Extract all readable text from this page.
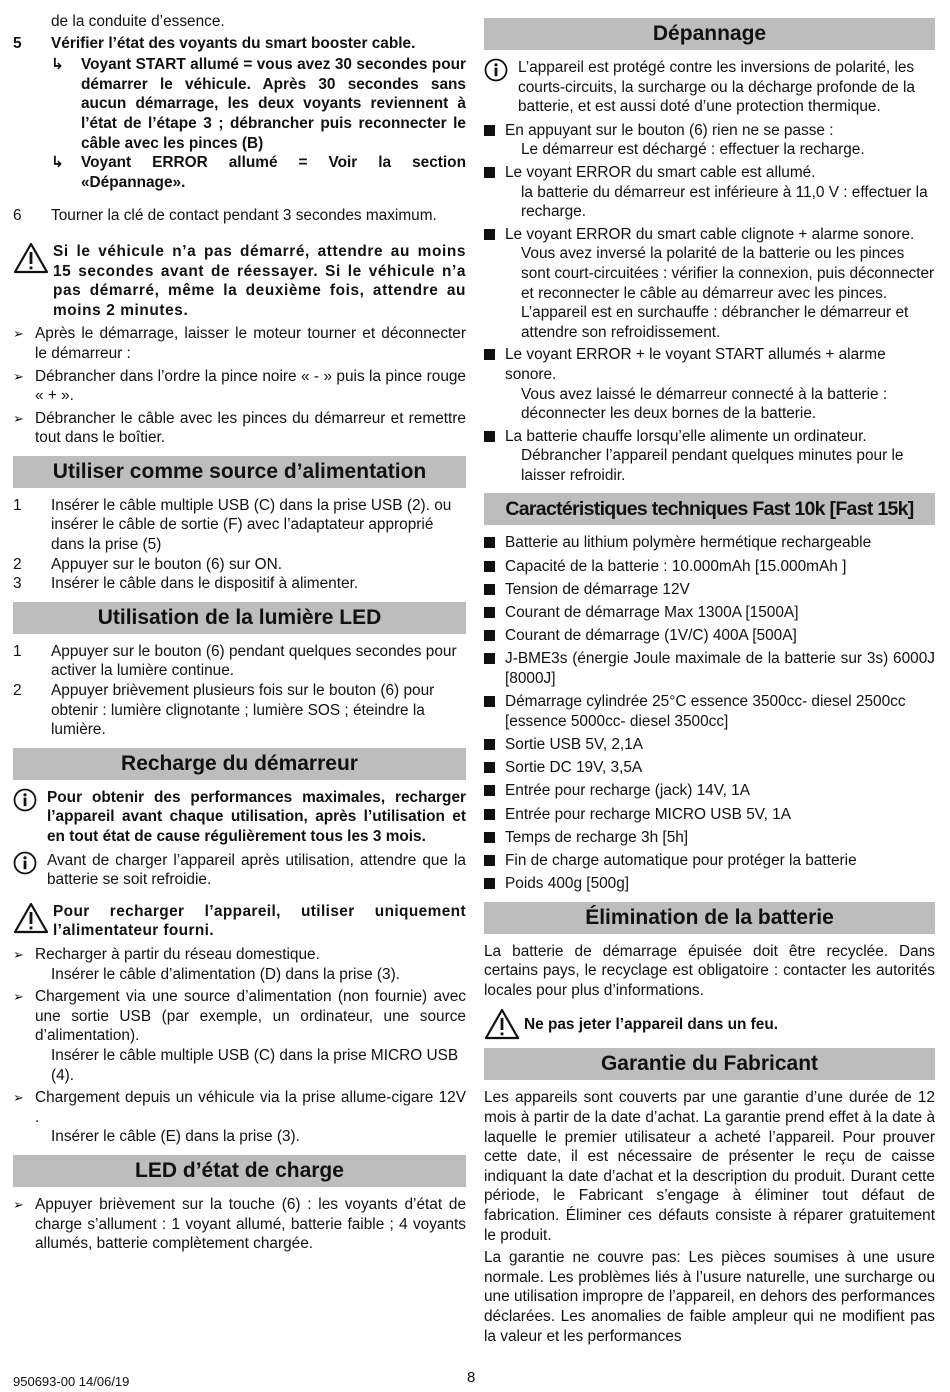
de la conduite d’essence.

5	Vérifier l’état des voyants du smart booster cable.
↳	Voyant START allumé = vous avez 30 secondes pour démarrer le véhicule. Après 30 secondes sans aucun démarrage, les deux voyants reviennent à l’état de l’étape 3 ; débrancher puis reconnecter le câble avec les pinces (B)
↳	Voyant ERROR allumé = Voir la section «Dépannage».
6	Tourner la clé de contact pendant 3 secondes maximum.
Si le véhicule n’a pas démarré, attendre au moins 15 secondes avant de réessayer. Si le véhicule n’a pas démarré, même la deuxième fois, attendre au moins 2 minutes.
➢ Après le démarrage, laisser le moteur tourner et déconnecter le démarreur :
➢ Débrancher dans l’ordre la pince noire « - » puis la pince rouge « + ».
➢ Débrancher le câble avec les pinces du démarreur et remettre tout dans le boîtier.
Utiliser comme source d’alimentation
1	Insérer le câble multiple USB (C) dans la prise USB (2). ou insérer le câble de sortie (F) avec l’adaptateur approprié dans la prise (5)
2	Appuyer sur le bouton (6) sur ON.
3	Insérer le câble dans le dispositif à alimenter.
Utilisation de la lumière LED
1	Appuyer sur le bouton (6) pendant quelques secondes pour activer la lumière continue.
2	Appuyer brièvement plusieurs fois sur le bouton (6) pour obtenir : lumière clignotante ; lumière SOS ; éteindre la lumière.
Recharge du démarreur
Pour obtenir des performances maximales, recharger l’appareil avant chaque utilisation, après l’utilisation et en tout état de cause régulièrement tous les 3 mois.
Avant de charger l’appareil après utilisation, attendre que la batterie se soit refroidie.
Pour recharger l’appareil, utiliser uniquement l’alimentateur fourni.
➢ Recharger à partir du réseau domestique.
Insérer le câble d’alimentation (D) dans la prise (3).
➢ Chargement via une source d’alimentation (non fournie) avec une sortie USB (par exemple, un ordinateur, une source d’alimentation).
Insérer le câble multiple USB (C) dans la prise MICRO USB (4).
➢ Chargement depuis un véhicule via la prise allume-cigare 12V .
Insérer le câble (E) dans la prise (3).
LED d’état de charge
➢ Appuyer brièvement sur la touche (6) : les voyants d’état de charge s’allument : 1 voyant allumé, batterie faible ; 4 voyants allumés, batterie complètement chargée.
Dépannage
L’appareil est protégé contre les inversions de polarité, les courts-circuits, la surcharge ou la décharge profonde de la batterie, et est aussi doté d’une protection thermique.
En appuyant sur le bouton (6) rien ne se passe :
Le démarreur est déchargé : effectuer la recharge.
Le voyant ERROR du smart cable est allumé.
la batterie du démarreur est inférieure à 11,0 V : effectuer la recharge.
Le voyant ERROR du smart cable clignote + alarme sonore.
Vous avez inversé la polarité de la batterie ou les pinces sont court-circuitées : vérifier la connexion, puis déconnecter et reconnecter le câble au démarreur avec les pinces.
L’appareil est en surchauffe : débrancher le démarreur et attendre son refroidissement.
Le voyant ERROR + le voyant START allumés + alarme sonore.
Vous avez laissé le démarreur connecté à la batterie : déconnecter les deux bornes de la batterie.
La batterie chauffe lorsqu’elle alimente un ordinateur.
Débrancher l’appareil pendant quelques minutes pour le laisser refroidir.
Caractéristiques techniques Fast 10k [Fast 15k]
Batterie au lithium polymère hermétique rechargeable
Capacité de la batterie : 10.000mAh [15.000mAh ]
Tension de démarrage 12V
Courant de démarrage Max 1300A [1500A]
Courant de démarrage (1V/C) 400A [500A]
J-BME3s (énergie Joule maximale de la batterie sur 3s) 6000J [8000J]
Démarrage cylindrée 25°C essence 3500cc- diesel 2500cc [essence 5000cc- diesel 3500cc]
Sortie USB 5V, 2,1A
Sortie DC 19V, 3,5A
Entrée pour recharge (jack) 14V, 1A
Entrée pour recharge MICRO USB 5V, 1A
Temps de recharge 3h [5h]
Fin de charge automatique pour protéger la batterie
Poids 400g [500g]
Élimination de la batterie

La batterie de démarrage épuisée doit être recyclée. Dans certains pays, le recyclage est obligatoire : contacter les autorités locales pour plus d’informations.

Ne pas jeter l’appareil dans un feu.
Garantie du Fabricant

Les appareils sont couverts par une garantie d’une durée de 12 mois à partir de la date d’achat. La garantie prend effet à la date à laquelle le premier utilisateur a acheté l’appareil. Pour prouver cette date, il est nécessaire de présenter le reçu de caisse indiquant la date d’achat et la description du produit. Durant cette période, le Fabricant s’engage à éliminer tout défaut de fabrication. Éliminer ces défauts consiste à réparer gratuitement le produit.

La garantie ne couvre pas: Les pièces soumises à une usure normale. Les problèmes liés à l’usure naturelle, une surcharge ou une utilisation impropre de l’appareil, en dehors des performances déclarées. Les anomalies de faible ampleur qui ne modifient pas la valeur et les performances

950693-00 14/06/19	8
